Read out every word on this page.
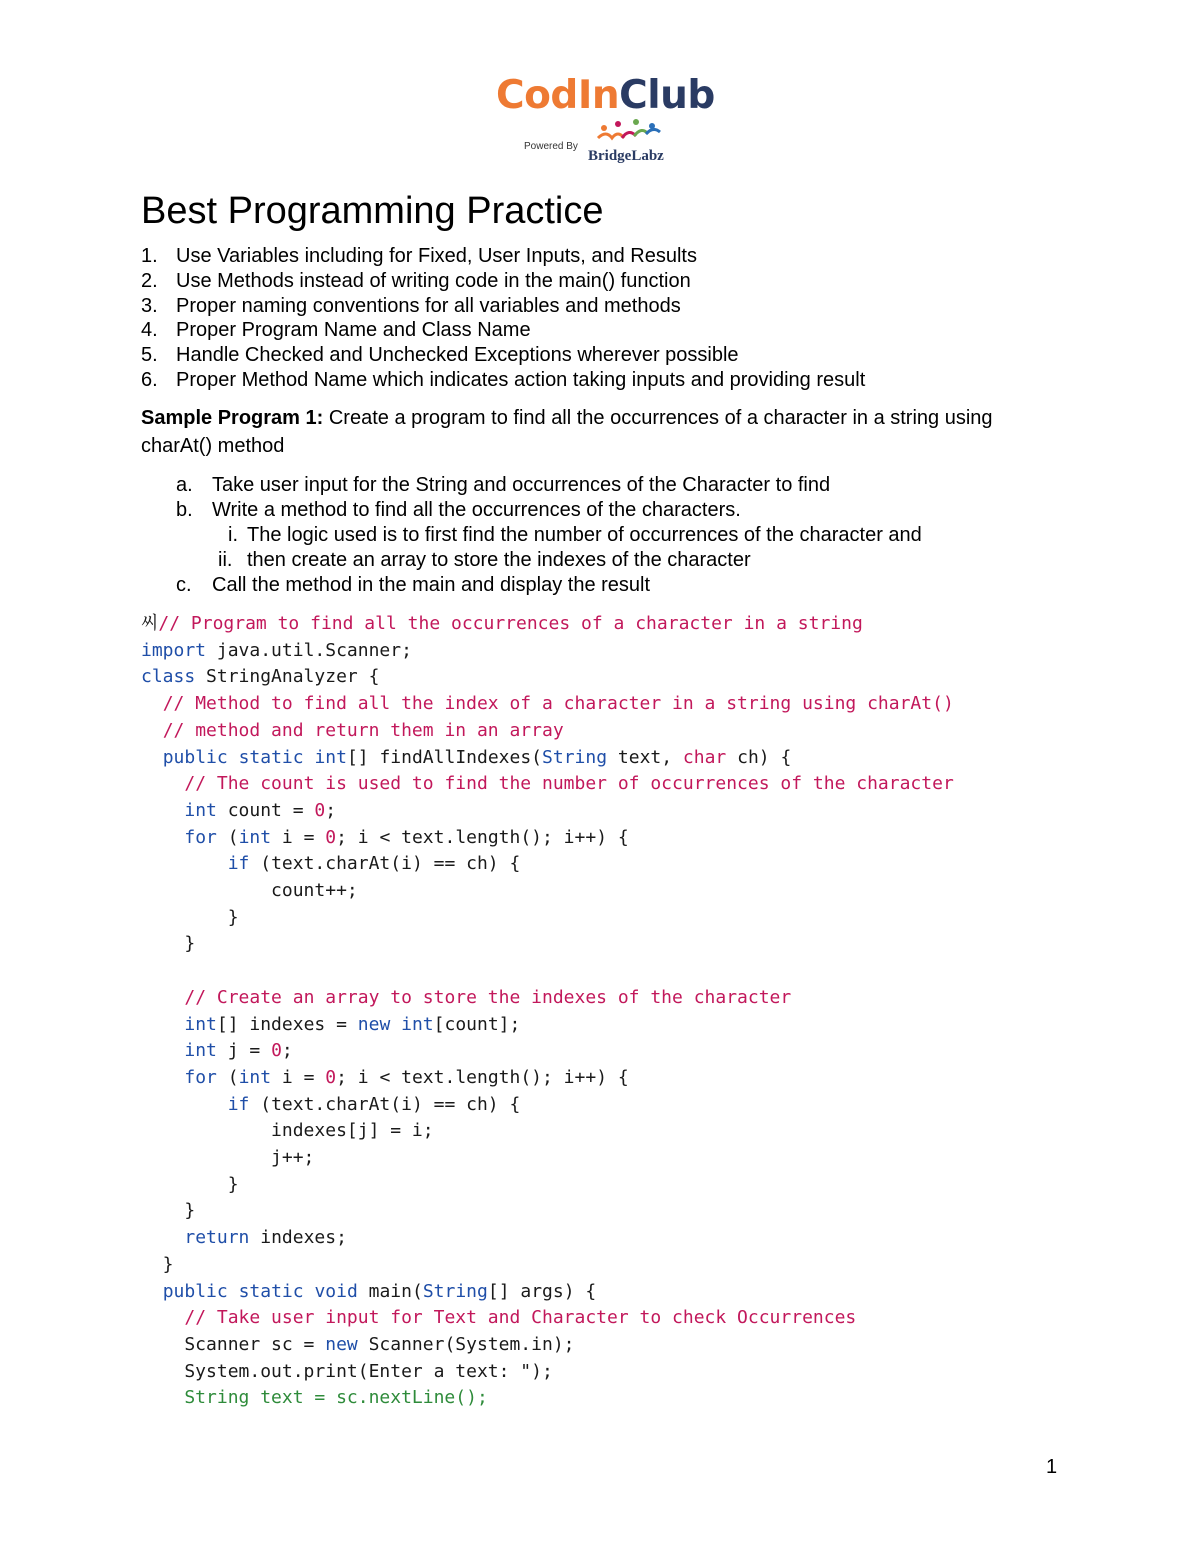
CodInClub
Powered By
BridgeLabz
Best Programming Practice
1. Use Variables including for Fixed, User Inputs, and Results
2. Use Methods instead of writing code in the main() function
3. Proper naming conventions for all variables and methods
4. Proper Program Name and Class Name
5. Handle Checked and Unchecked Exceptions wherever possible
6. Proper Method Name which indicates action taking inputs and providing result
Sample Program 1: Create a program to find all the occurrences of a character in a string using charAt() method
a. Take user input for the String and occurrences of the Character to find
b. Write a method to find all the occurrences of the characters.
i. The logic used is to first find the number of occurrences of the character and
ii. then create an array to store the indexes of the character
c. Call the method in the main and display the result
씨// Program to find all the occurrences of a character in a string
import java.util.Scanner;
class StringAnalyzer {
// Method to find all the index of a character in a string using charAt()
// method and return them in an array
public static int[] findAllIndexes(String text, char ch) {
// The count is used to find the number of occurrences of the character
int count = 0;
for (int i = 0; i < text.length(); i++) {
if (text.charAt(i) == ch) {
count++;
}
}
// Create an array to store the indexes of the character
int[] indexes = new int[count];
int j = 0;
for (int i = 0; i < text.length(); i++) {
if (text.charAt(i) == ch) {
indexes[j] = i;
j++;
}
}
return indexes;
}
public static void main(String[] args) {
// Take user input for Text and Character to check Occurrences
Scanner sc = new Scanner(System.in);
System.out.print(Enter a text: ");
String text = sc.nextLine();
1
